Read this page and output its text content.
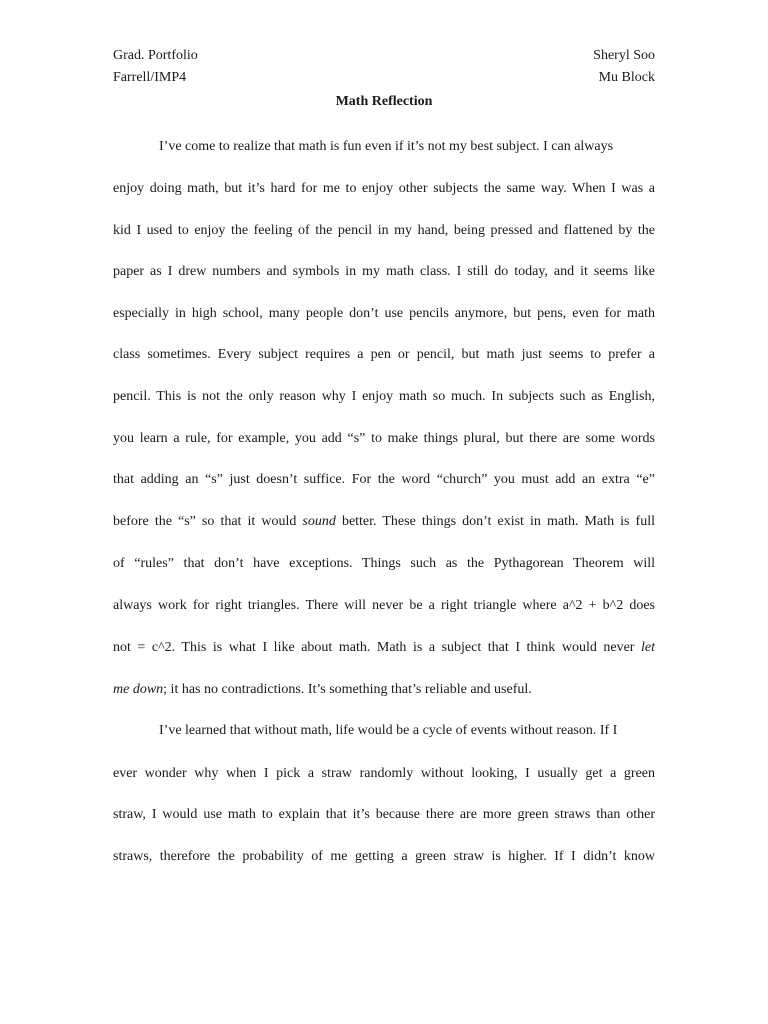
Grad. Portfolio
Farrell/IMP4
Sheryl Soo
Mu Block
Math Reflection
I’ve come to realize that math is fun even if it’s not my best subject. I can always
enjoy doing math, but it’s hard for me to enjoy other subjects the same way. When I was a
kid I used to enjoy the feeling of the pencil in my hand, being pressed and flattened by the
paper as I drew numbers and symbols in my math class. I still do today, and it seems like
especially in high school, many people don’t use pencils anymore, but pens, even for math
class sometimes. Every subject requires a pen or pencil, but math just seems to prefer a
pencil. This is not the only reason why I enjoy math so much. In subjects such as English,
you learn a rule, for example, you add “s” to make things plural, but there are some words
that adding an “s” just doesn’t suffice. For the word “church” you must add an extra “e”
before the “s” so that it would sound better. These things don’t exist in math. Math is full
of “rules” that don’t have exceptions. Things such as the Pythagorean Theorem will
always work for right triangles. There will never be a right triangle where a^2 + b^2 does
not = c^2. This is what I like about math. Math is a subject that I think would never let
me down; it has no contradictions. It’s something that’s reliable and useful.
I’ve learned that without math, life would be a cycle of events without reason. If I
ever wonder why when I pick a straw randomly without looking, I usually get a green
straw, I would use math to explain that it’s because there are more green straws than other
straws, therefore the probability of me getting a green straw is higher. If I didn’t know
